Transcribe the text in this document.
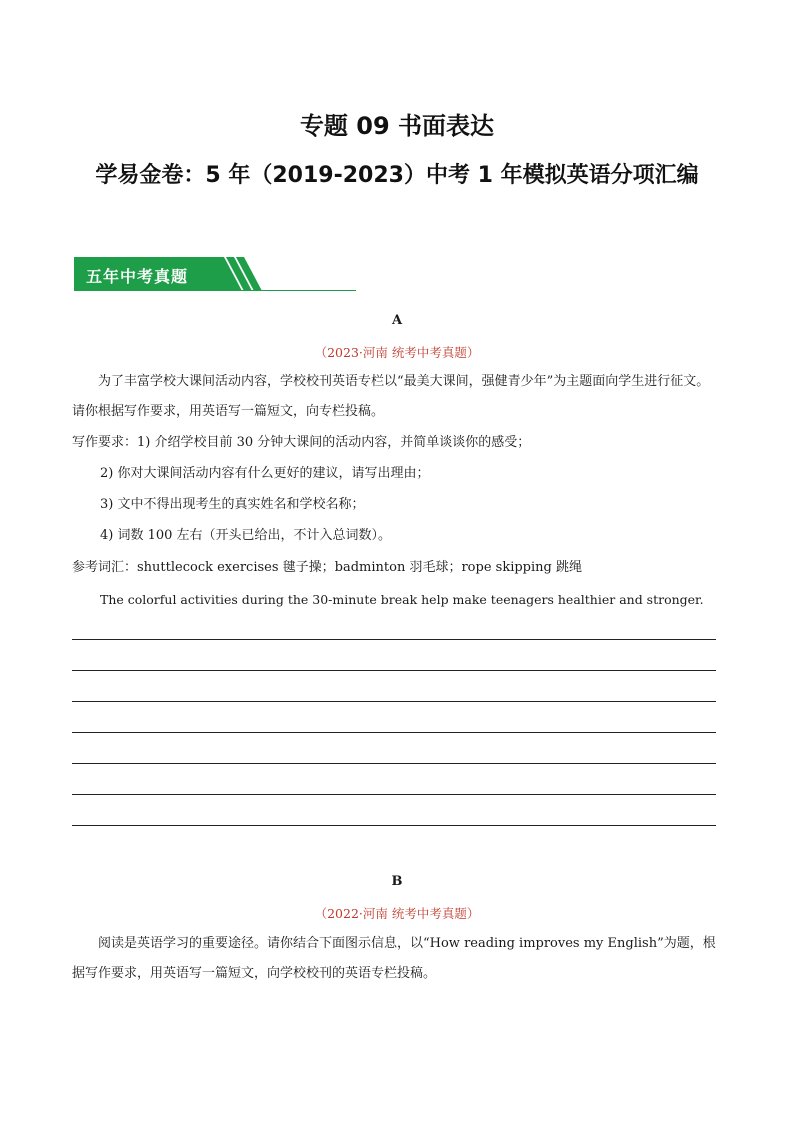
专题 09 书面表达
学易金卷：5 年（2019-2023）中考 1 年模拟英语分项汇编
五年中考真题
A
（2023·河南 统考中考真题）
为了丰富学校大课间活动内容，学校校刊英语专栏以“最美大课间，强健青少年”为主题面向学生进行征文。请你根据写作要求，用英语写一篇短文，向专栏投稿。
写作要求：1) 介绍学校目前 30 分钟大课间的活动内容，并简单谈谈你的感受；
2) 你对大课间活动内容有什么更好的建议，请写出理由；
3) 文中不得出现考生的真实姓名和学校名称；
4) 词数 100 左右（开头已给出，不计入总词数）。
参考词汇：shuttlecock exercises 毽子操；badminton 羽毛球；rope skipping 跳绳
The colorful activities during the 30-minute break help make teenagers healthier and stronger.
B
（2022·河南 统考中考真题）
阅读是英语学习的重要途径。请你结合下面图示信息，以“How reading improves my English”为题，根据写作要求，用英语写一篇短文，向学校校刊的英语专栏投稿。
